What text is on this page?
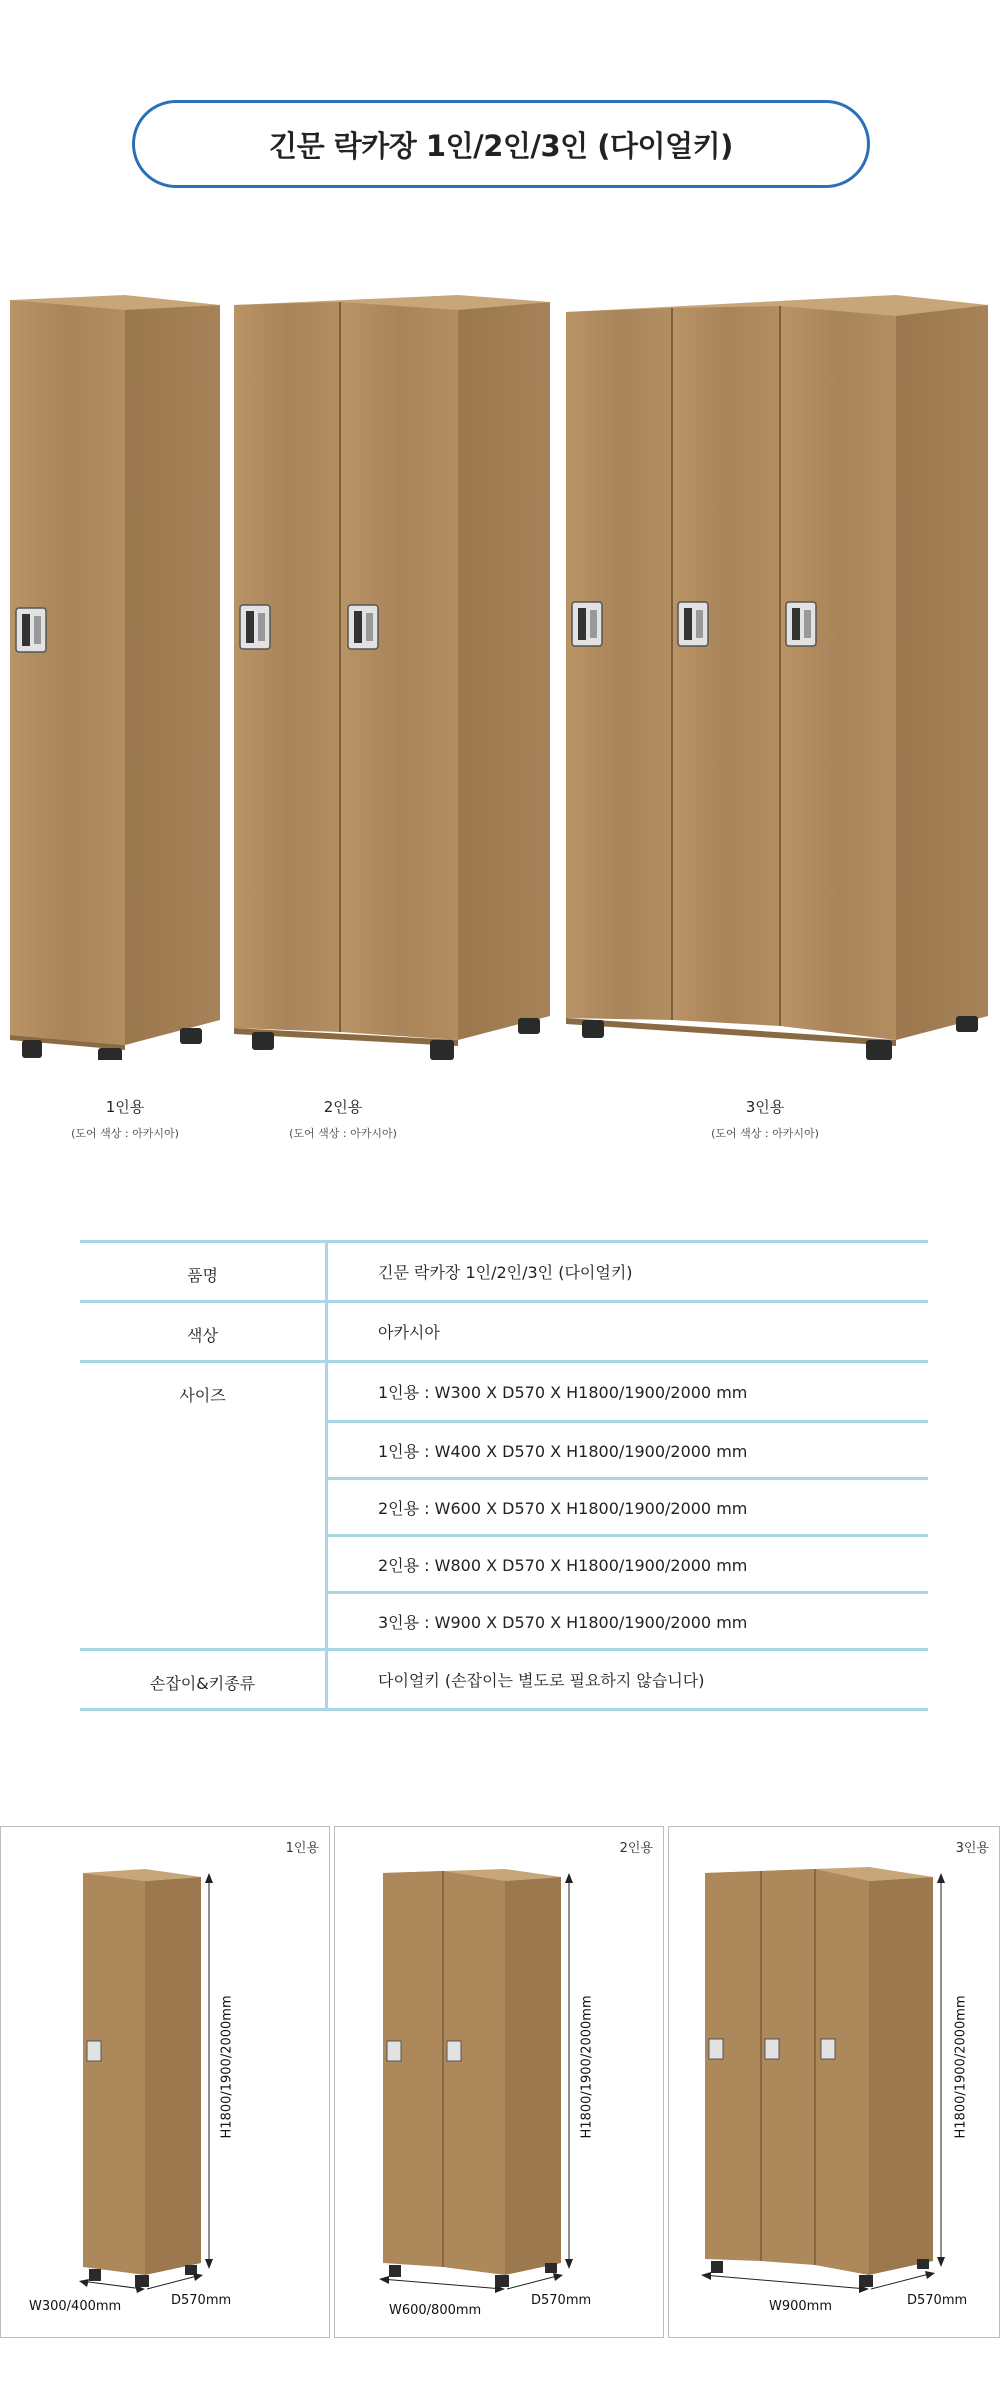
긴문 락카장 1인/2인/3인 (다이얼키)
1인용
(도어 색상 : 아카시아)
2인용
(도어 색상 : 아카시아)
3인용
(도어 색상 : 아카시아)
품명	긴문 락카장 1인/2인/3인 (다이얼키)
색상	아카시아
사이즈	1인용 : W300 X D570 X H1800/1900/2000 mm
1인용 : W400 X D570 X H1800/1900/2000 mm
2인용 : W600 X D570 X H1800/1900/2000 mm
2인용 : W800 X D570 X H1800/1900/2000 mm
3인용 : W900 X D570 X H1800/1900/2000 mm
손잡이&키종류	다이얼키 (손잡이는 별도로 필요하지 않습니다)
1인용
W300/400mm	D570mm
H1800/1900/2000mm
2인용
W600/800mm
D570mm
H1800/1900/2000mm
3인용
W900mm	D570mm
H1800/1900/2000mm
